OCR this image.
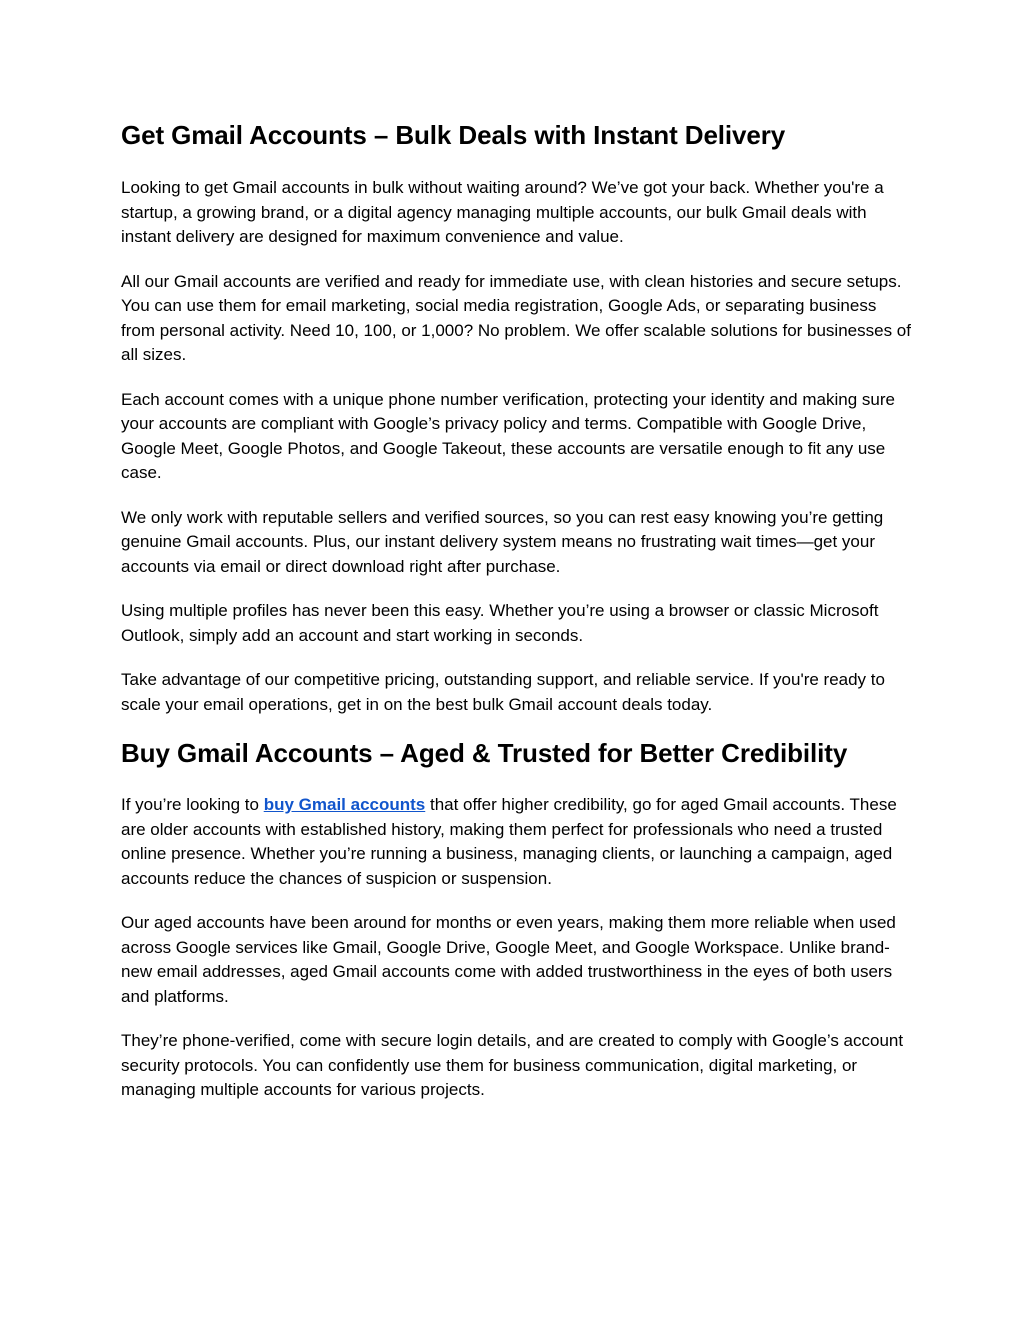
Get Gmail Accounts – Bulk Deals with Instant Delivery

Looking to get Gmail accounts in bulk without waiting around? We’ve got your back. Whether you're a startup, a growing brand, or a digital agency managing multiple accounts, our bulk Gmail deals with instant delivery are designed for maximum convenience and value.

All our Gmail accounts are verified and ready for immediate use, with clean histories and secure setups. You can use them for email marketing, social media registration, Google Ads, or separating business from personal activity. Need 10, 100, or 1,000? No problem. We offer scalable solutions for businesses of all sizes.

Each account comes with a unique phone number verification, protecting your identity and making sure your accounts are compliant with Google’s privacy policy and terms. Compatible with Google Drive, Google Meet, Google Photos, and Google Takeout, these accounts are versatile enough to fit any use case.

We only work with reputable sellers and verified sources, so you can rest easy knowing you’re getting genuine Gmail accounts. Plus, our instant delivery system means no frustrating wait times—get your accounts via email or direct download right after purchase.

Using multiple profiles has never been this easy. Whether you’re using a browser or classic Microsoft Outlook, simply add an account and start working in seconds.

Take advantage of our competitive pricing, outstanding support, and reliable service. If you're ready to scale your email operations, get in on the best bulk Gmail account deals today.

Buy Gmail Accounts – Aged & Trusted for Better Credibility

If you’re looking to buy Gmail accounts that offer higher credibility, go for aged Gmail accounts. These are older accounts with established history, making them perfect for professionals who need a trusted online presence. Whether you’re running a business, managing clients, or launching a campaign, aged accounts reduce the chances of suspicion or suspension.

Our aged accounts have been around for months or even years, making them more reliable when used across Google services like Gmail, Google Drive, Google Meet, and Google Workspace. Unlike brand-new email addresses, aged Gmail accounts come with added trustworthiness in the eyes of both users and platforms.

They’re phone-verified, come with secure login details, and are created to comply with Google’s account security protocols. You can confidently use them for business communication, digital marketing, or managing multiple accounts for various projects.
